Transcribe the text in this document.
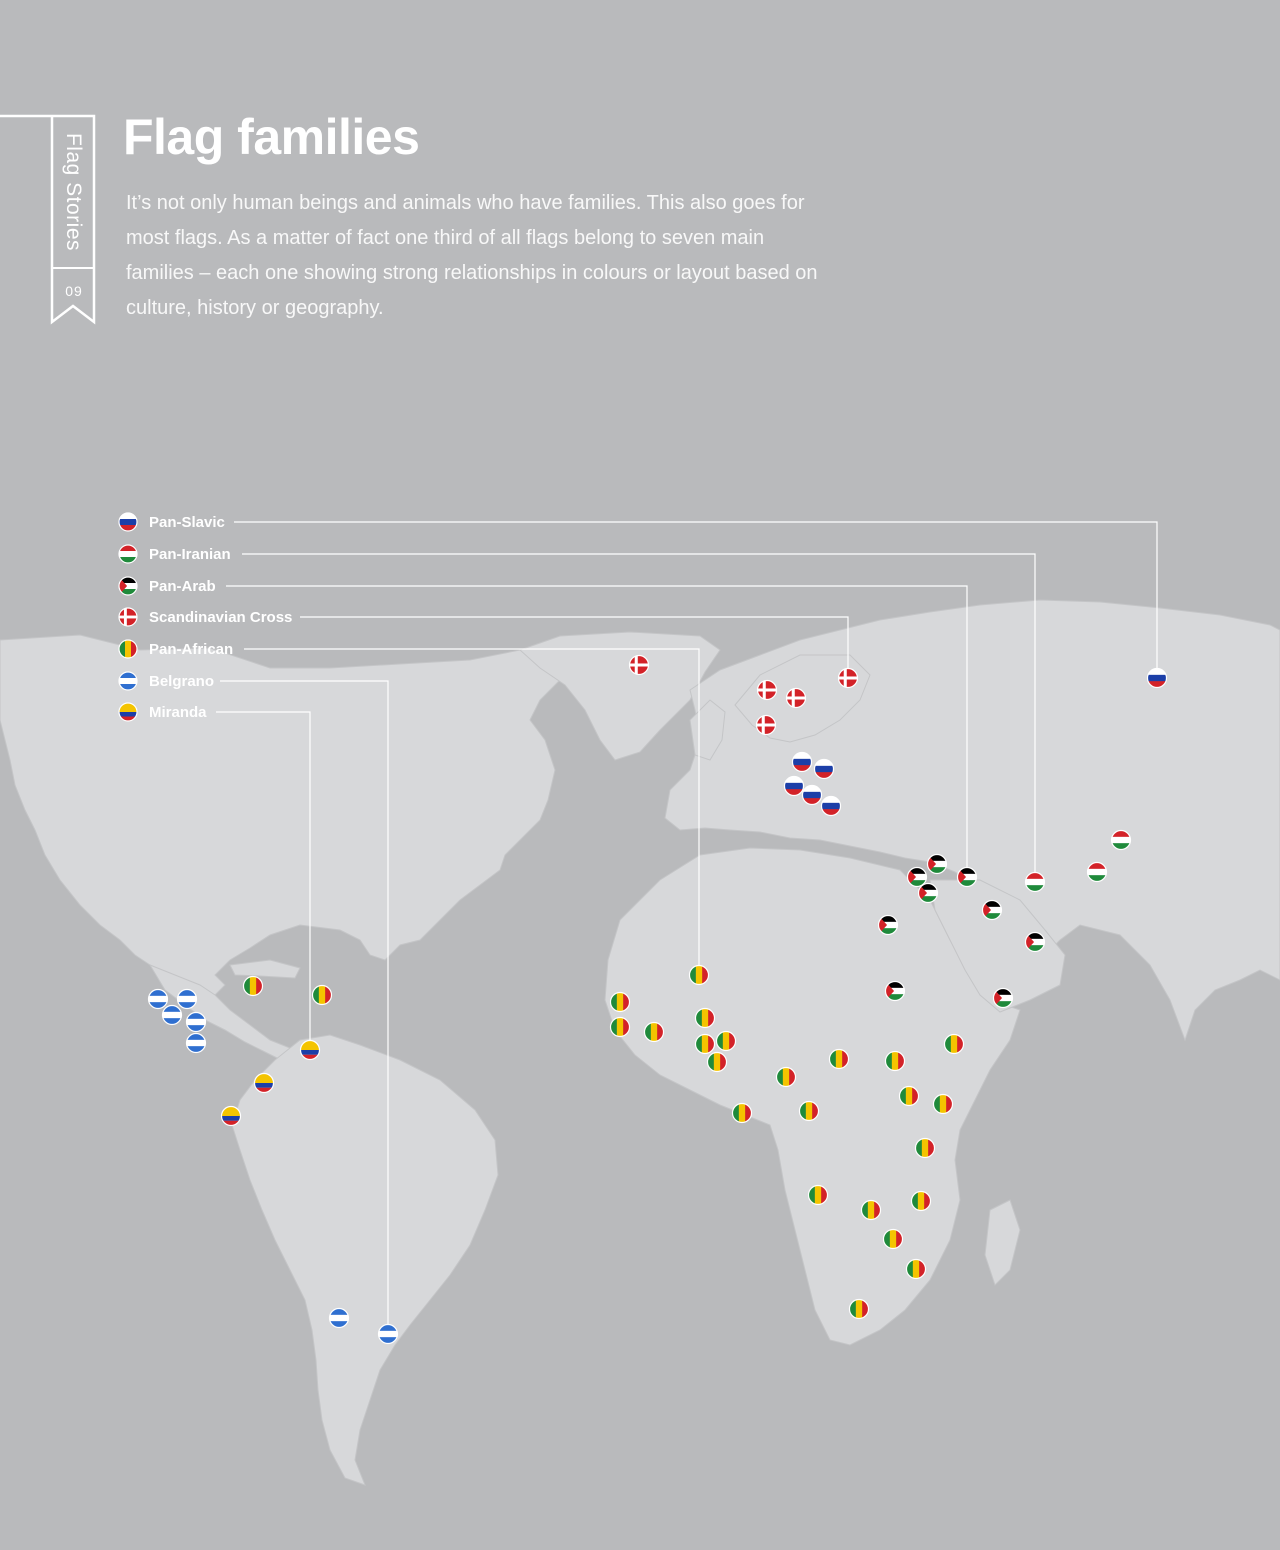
Pan-Slavic
Pan-Iranian
Pan-Arab
Scandinavian Cross
Pan-African
Belgrano
Miranda
Flag Stories
09
Flag families

It’s not only human beings and animals who have families. This also goes for most flags. As a matter of fact one third of all flags belong to seven main families – each one showing strong relationships in colours or layout based on culture, history or geography.
